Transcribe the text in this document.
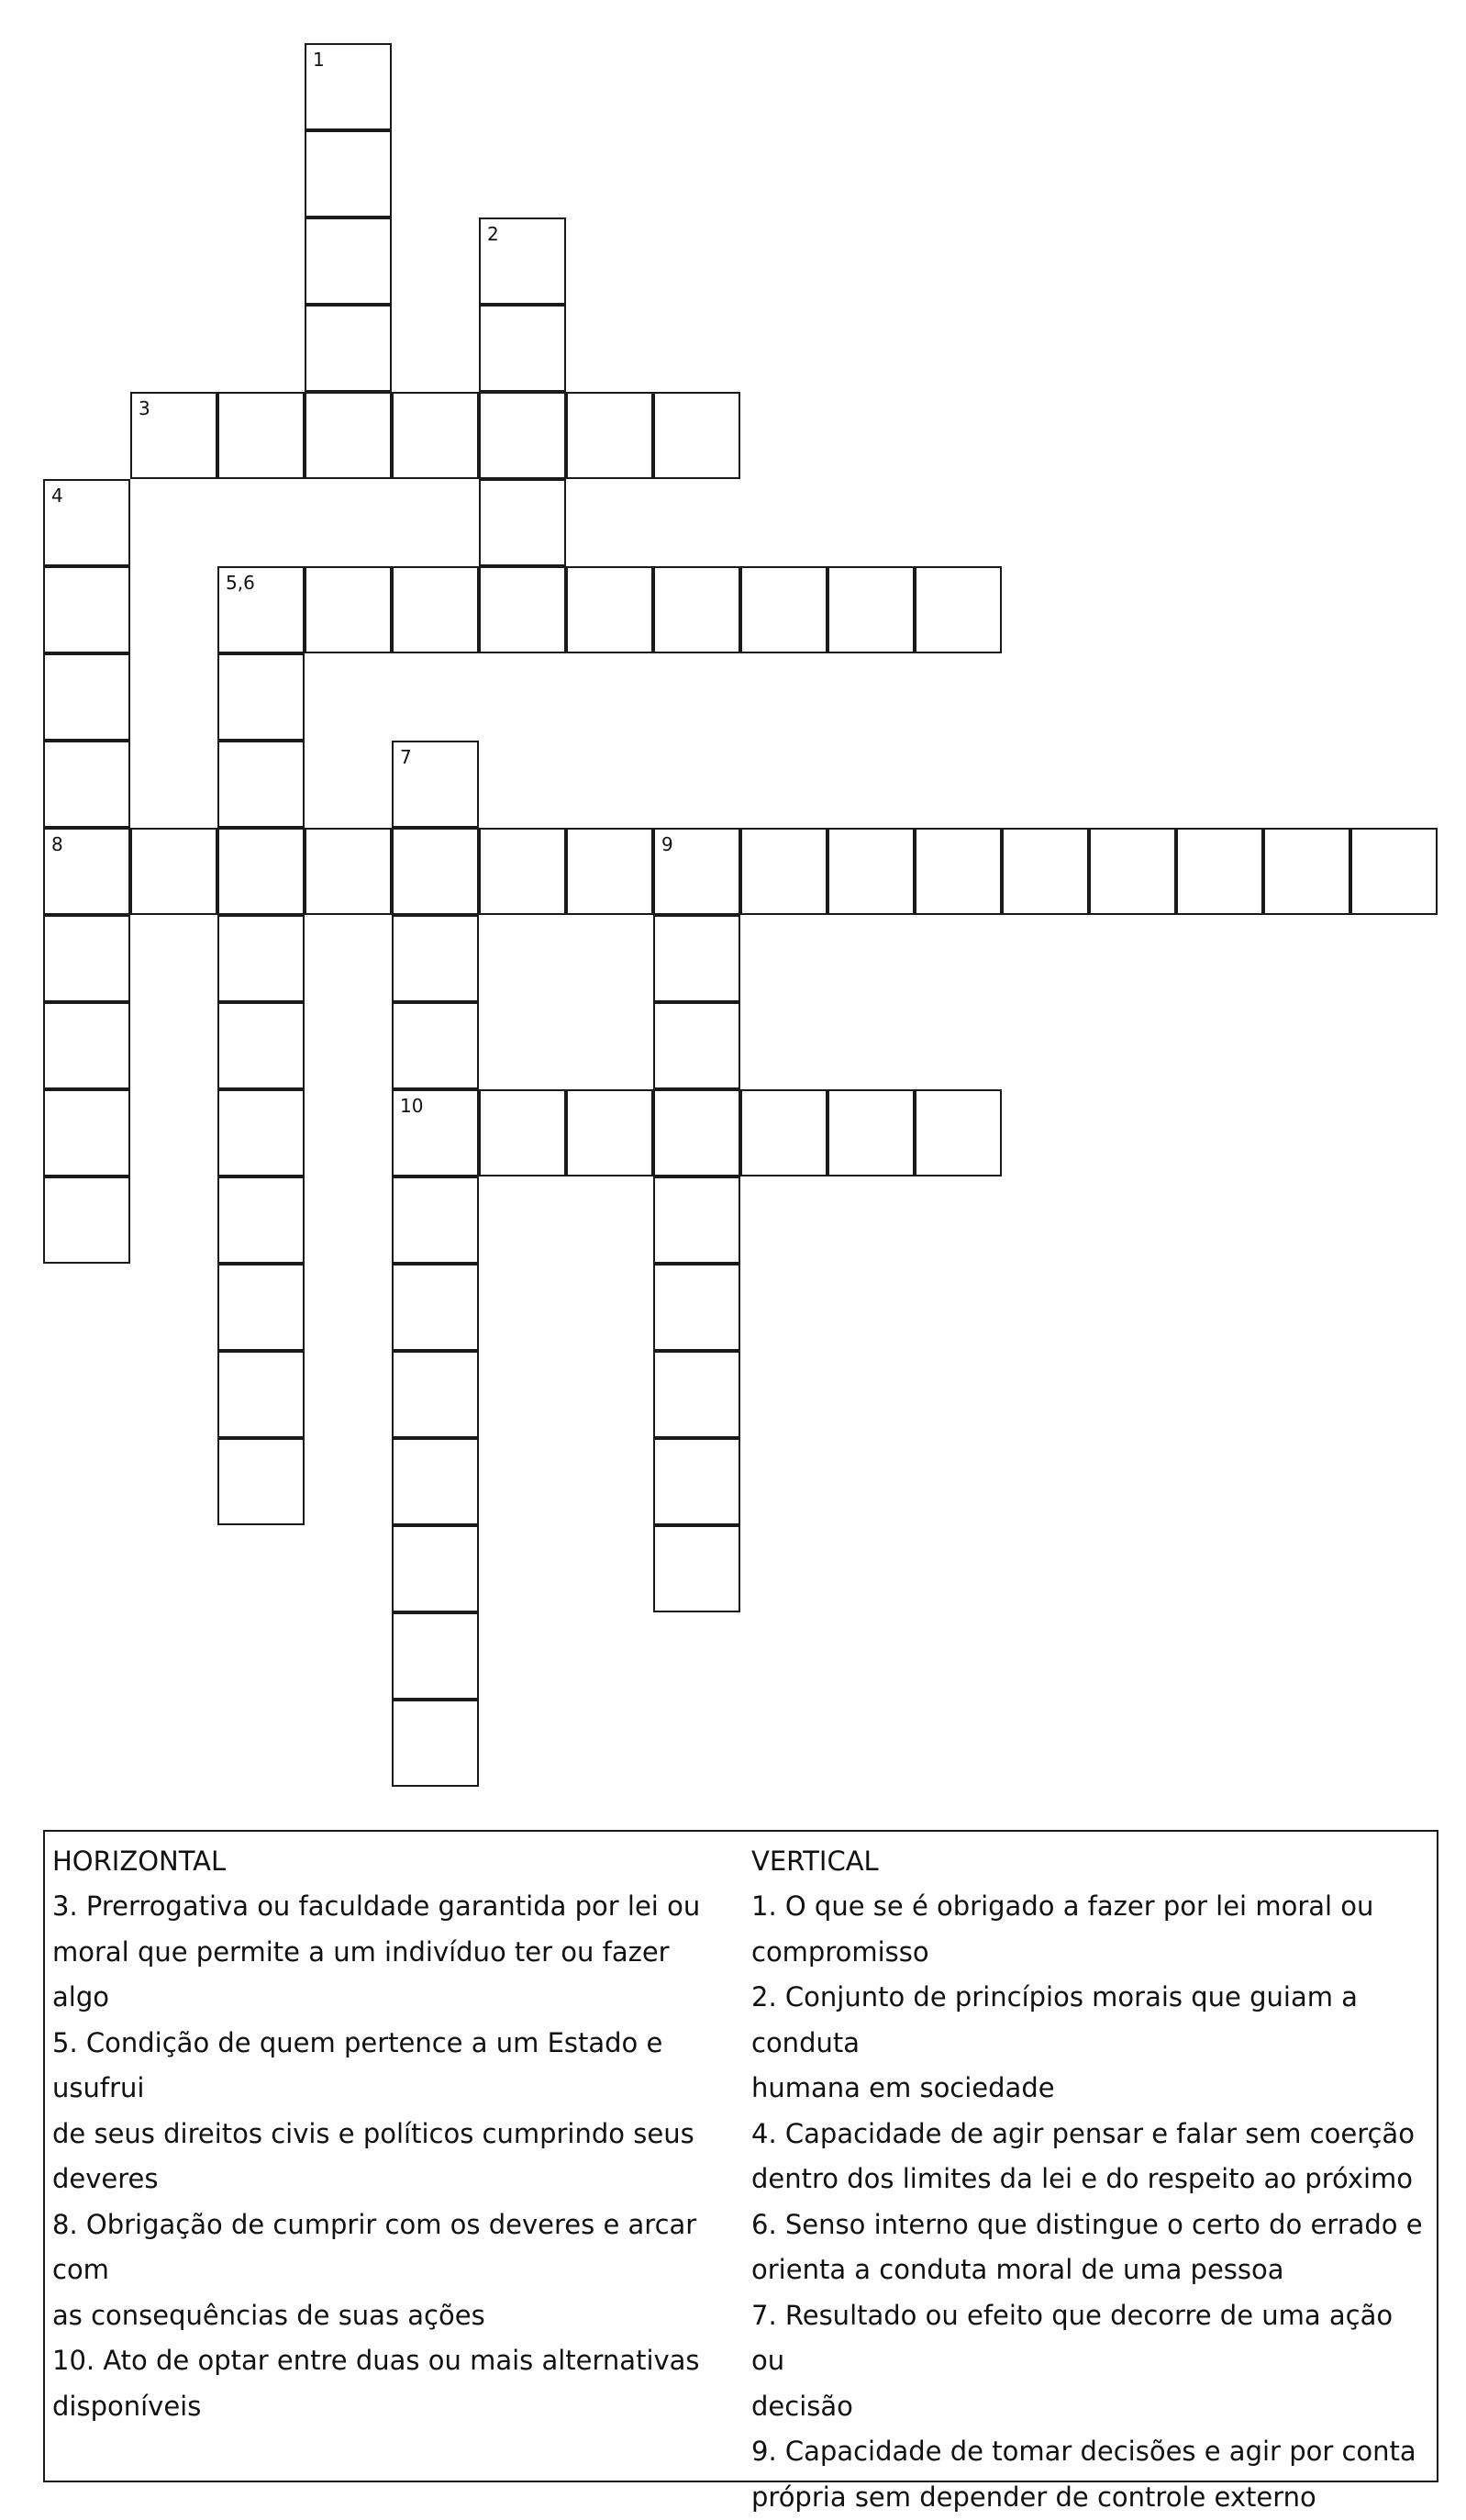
1
2
3
4
5,6
7
8	9
10

HORIZONTAL

3. Prerrogativa ou faculdade garantida por lei ou

moral que permite a um indivíduo ter ou fazer algo

5. Condição de quem pertence a um Estado e usufrui

de seus direitos civis e políticos cumprindo seus

deveres

8. Obrigação de cumprir com os deveres e arcar com

as consequências de suas ações

10. Ato de optar entre duas ou mais alternativas

disponíveis

VERTICAL

1. O que se é obrigado a fazer por lei moral ou

compromisso

2. Conjunto de princípios morais que guiam a conduta

humana em sociedade

4. Capacidade de agir pensar e falar sem coerção

dentro dos limites da lei e do respeito ao próximo

6. Senso interno que distingue o certo do errado e

orienta a conduta moral de uma pessoa

7. Resultado ou efeito que decorre de uma ação ou

decisão

9. Capacidade de tomar decisões e agir por conta

própria sem depender de controle externo
